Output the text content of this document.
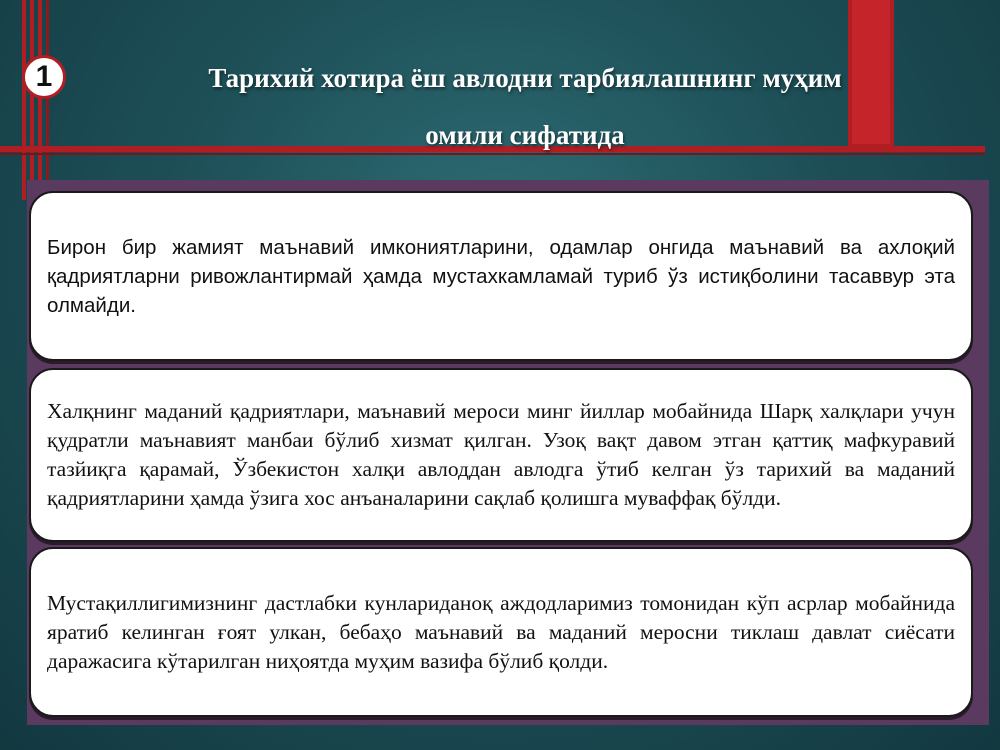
1	Тарихий хотира ёш авлодни тарбиялашнинг муҳим
омили сифатида

Бирон бир жамият маънавий имкониятларини, одамлар онгида маънавий ва ахлоқий қадриятларни ривожлантирмай ҳамда мустахкамламай туриб ўз истиқболини тасаввур эта олмайди.

Халқнинг маданий қадриятлари, маънавий мероси минг йиллар мобайнида Шарқ халқлари учун қудратли маънавият манбаи бўлиб хизмат қилган. Узоқ вақт давом этган қаттиқ мафкуравий тазйиқга қарамай, Ўзбекистон халқи авлоддан авлодга ўтиб келган ўз тарихий ва маданий қадриятларини ҳамда ўзига хос анъаналарини сақлаб қолишга муваффақ бўлди.

Мустақиллигимизнинг дастлабки кунлариданоқ аждодларимиз томонидан кўп асрлар мобайнида яратиб келинган ғоят улкан, бебаҳо маънавий ва маданий меросни тиклаш давлат сиёсати даражасига кўтарилган ниҳоятда муҳим вазифа бўлиб қолди.
